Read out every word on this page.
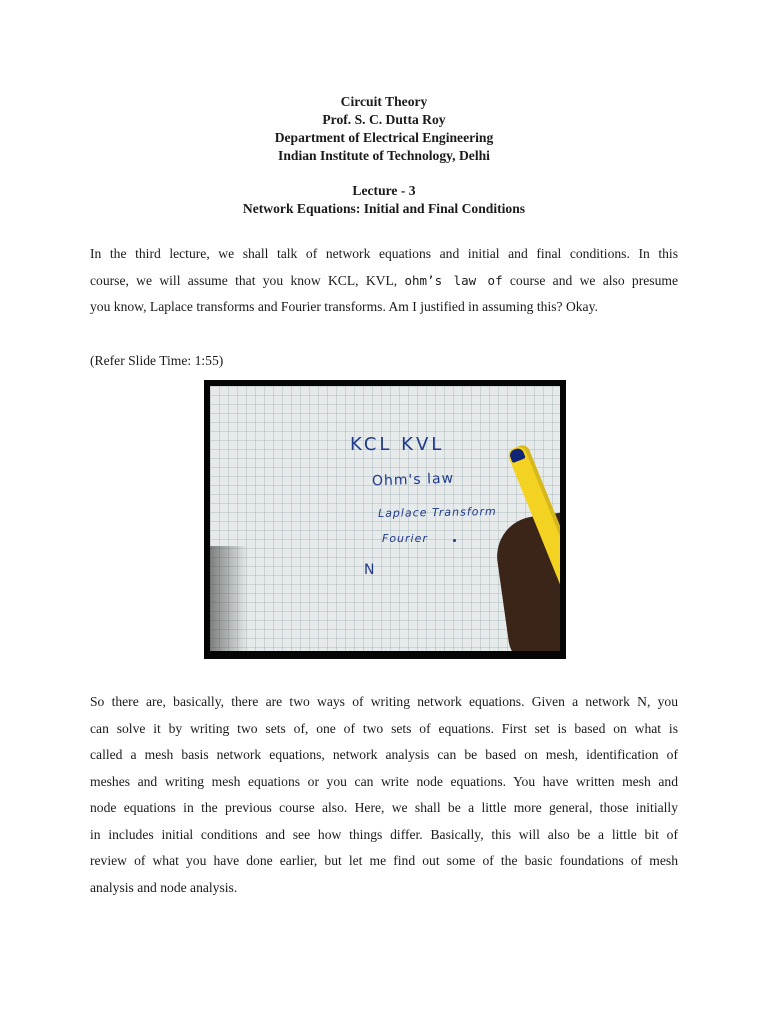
Circuit Theory
Prof. S. C. Dutta Roy
Department of Electrical Engineering
Indian Institute of Technology, Delhi
Lecture - 3
Network Equations: Initial and Final Conditions
In the third lecture, we shall talk of network equations and initial and final conditions. In this
course, we will assume that you know KCL, KVL, ohm’s law of course and we also presume
you know, Laplace transforms and Fourier transforms. Am I justified in assuming this? Okay.
(Refer Slide Time: 1:55)
KCL KVL
Ohm's law
Laplace Transform
Fourier
N
So there are, basically, there are two ways of writing network equations. Given a network N, you
can solve it by writing two sets of, one of two sets of equations. First set is based on what is
called a mesh basis network equations, network analysis can be based on mesh, identification of
meshes and writing mesh equations or you can write node equations. You have written mesh and
node equations in the previous course also. Here, we shall be a little more general, those initially
in includes initial conditions and see how things differ. Basically, this will also be a little bit of
review of what you have done earlier, but let me find out some of the basic foundations of mesh
analysis and node analysis.
